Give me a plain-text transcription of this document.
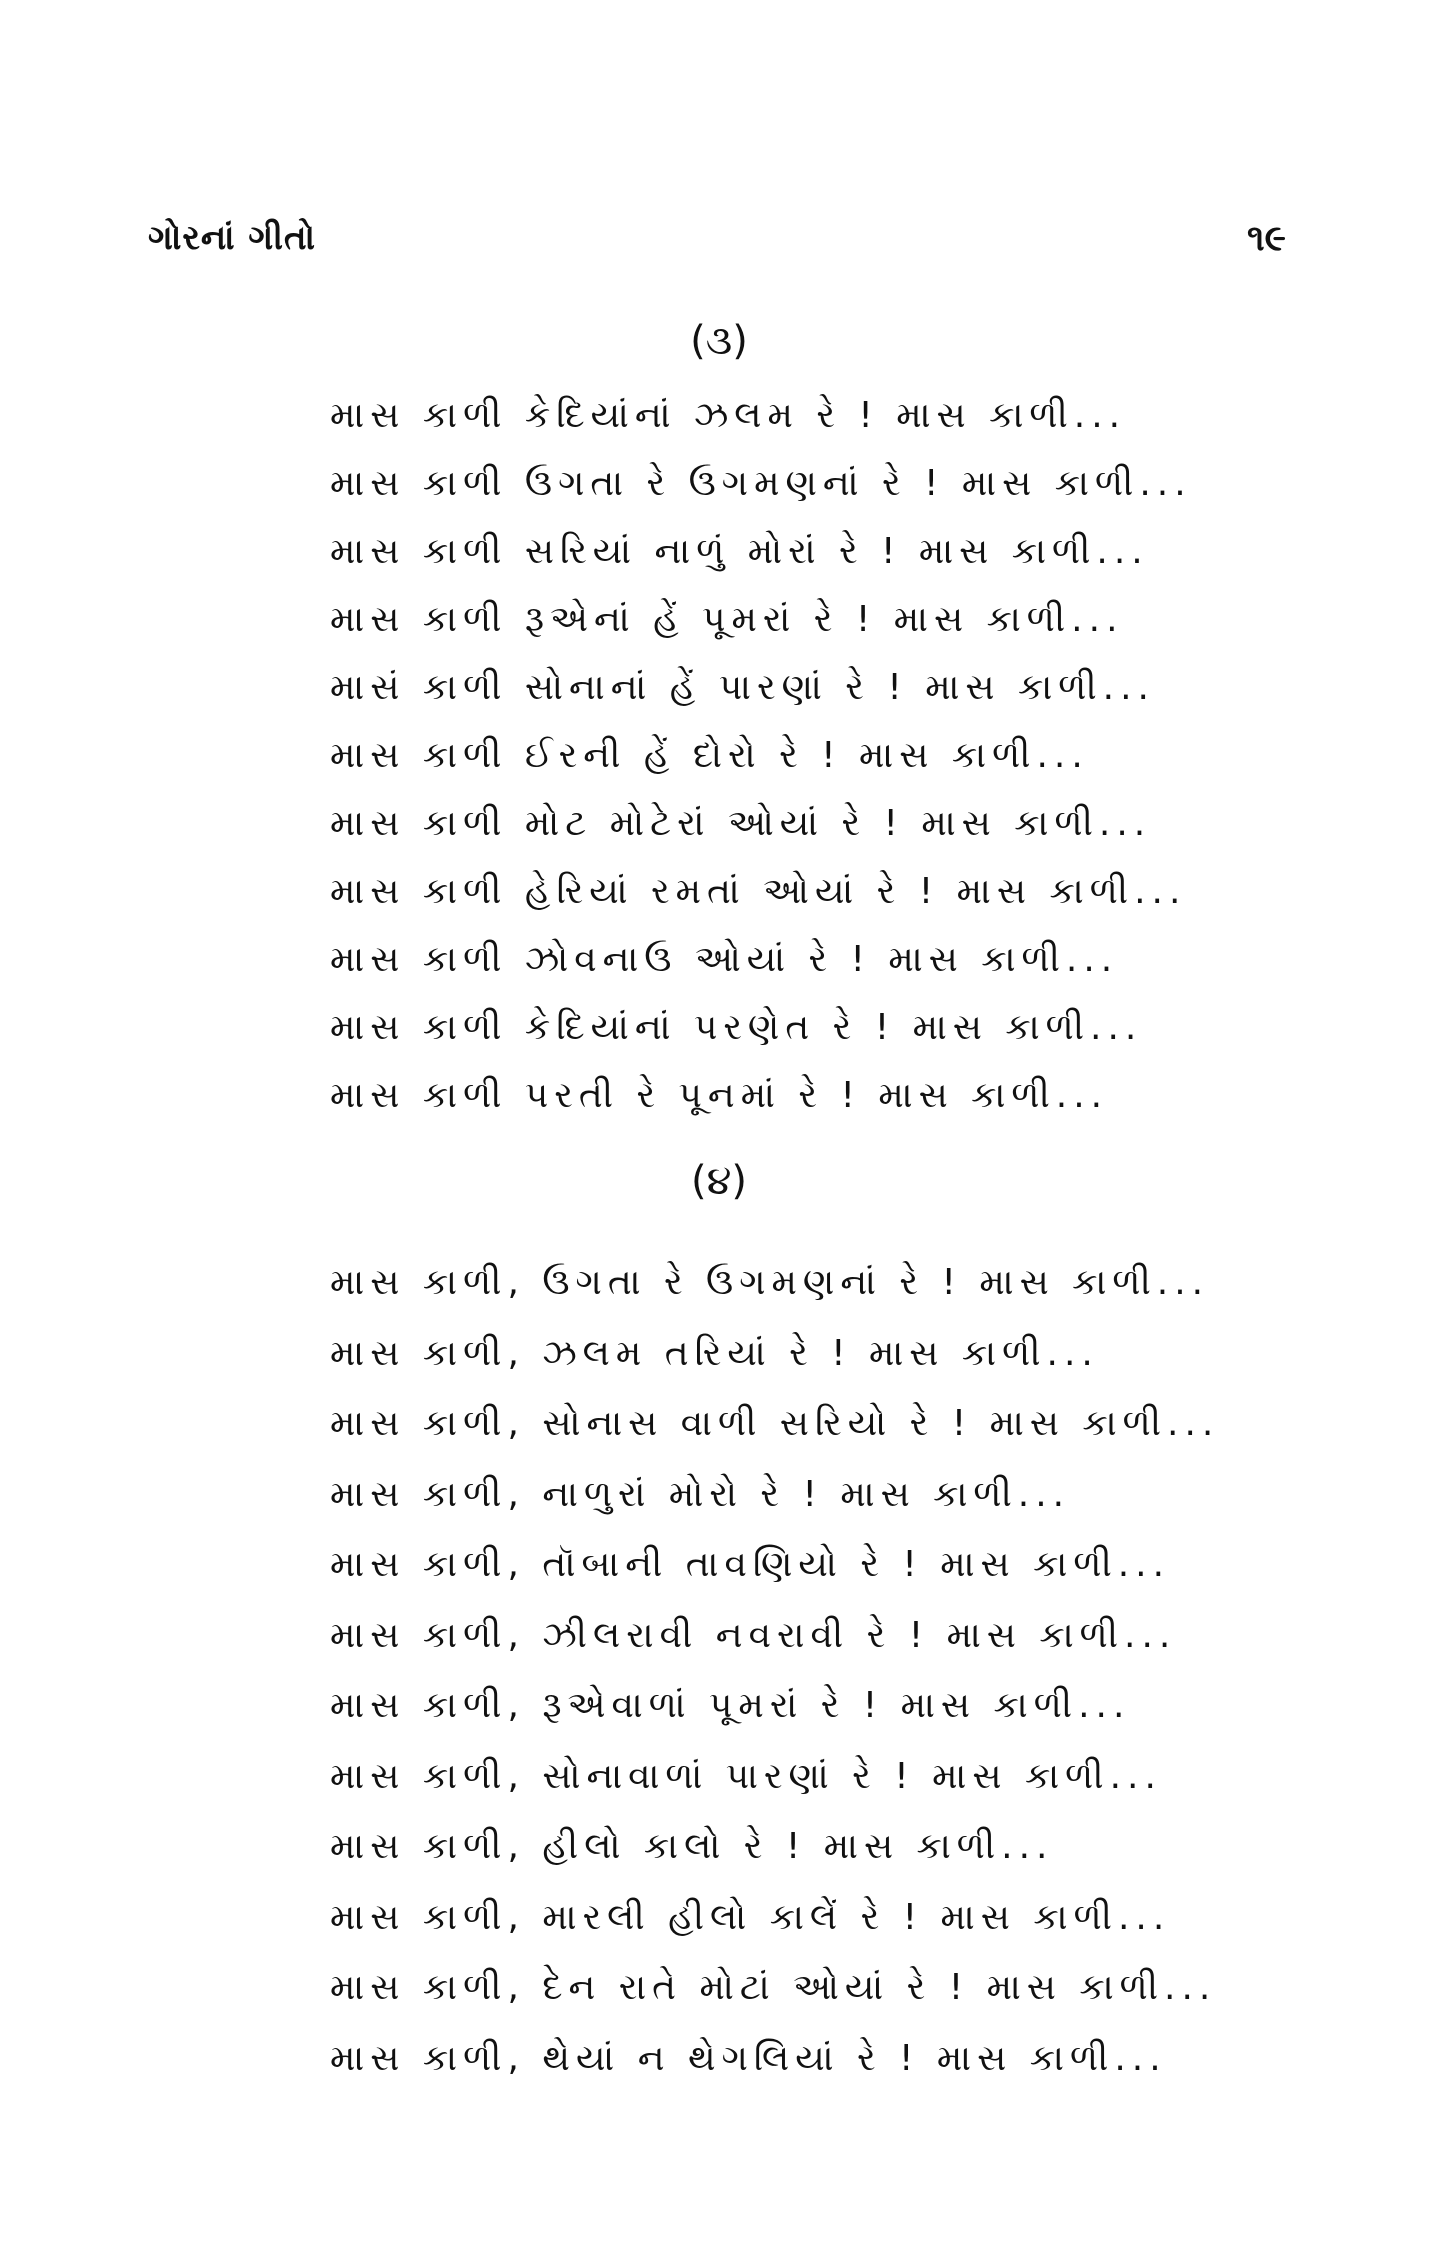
ગોરનાં ગીતો	૧૯
(૩)
માસ કાળી કેદિયાંનાં ઝલમ રે ! માસ કાળી...
માસ કાળી ઉગતા રે ઉગમણનાં રે ! માસ કાળી...
માસ કાળી સરિયાં નાળું મોરાં રે ! માસ કાળી...
માસ કાળી રૂએનાં હેં પૂમરાં રે ! માસ કાળી...
માસં કાળી સોનાનાં હેં પારણાં રે ! માસ કાળી...
માસ કાળી ઈરની હેં દોરો રે ! માસ કાળી...
માસ કાળી મોટ મોટેરાં ઓયાં રે ! માસ કાળી...
માસ કાળી હેરિયાં રમતાં ઓયાં રે ! માસ કાળી...
માસ કાળી ઝોવનાઉ ઓયાં રે ! માસ કાળી...
માસ કાળી કેદિયાંનાં પરણેત રે ! માસ કાળી...
માસ કાળી પરતી રે પૂનમાં રે ! માસ કાળી...
(૪)
માસ કાળી, ઉગતા રે ઉગમણનાં રે ! માસ કાળી...
માસ કાળી, ઝલમ તરિયાં રે ! માસ કાળી...
માસ કાળી, સોનાસ વાળી સરિયો રે ! માસ કાળી...
માસ કાળી, નાળુરાં મોરો રે ! માસ કાળી...
માસ કાળી, તૉબાની તાવણિયો રે ! માસ કાળી...
માસ કાળી, ઝીલરાવી નવરાવી રે ! માસ કાળી...
માસ કાળી, રૂએવાળાં પૂમરાં રે ! માસ કાળી...
માસ કાળી, સોનાવાળાં પારણાં રે ! માસ કાળી...
માસ કાળી, હીલો કાલો રે ! માસ કાળી...
માસ કાળી, મારલી હીલો કાલેં રે ! માસ કાળી...
માસ કાળી, દેન રાતે મોટાં ઓયાં રે ! માસ કાળી...
માસ કાળી, થેયાં ન થેગલિયાં રે ! માસ કાળી...
